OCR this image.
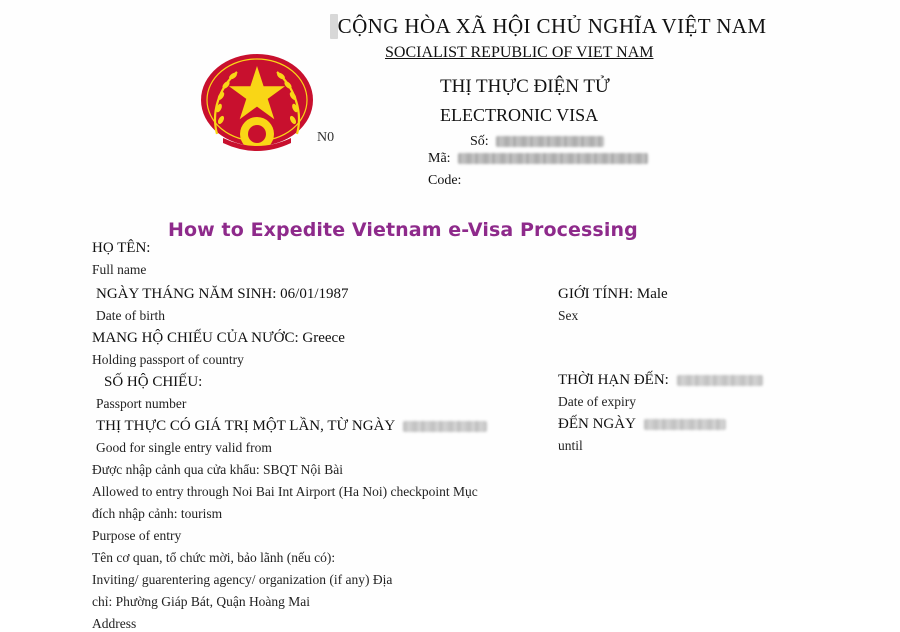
N0
CỘNG HÒA XÃ HỘI CHỦ NGHĨA VIỆT NAM
SOCIALIST REPUBLIC OF VIET NAM
THỊ THỰC ĐIỆN TỬ
ELECTRONIC VISA
Số:
Mã:
Code:
How to Expedite Vietnam e-Visa Processing
HỌ TÊN:
Full name
NGÀY THÁNG NĂM SINH: 06/01/1987
Date of birth
GIỚI TÍNH: Male
Sex
MANG HỘ CHIẾU CỦA NƯỚC: Greece
Holding passport of country
SỐ HỘ CHIẾU:
Passport number
THỜI HẠN ĐẾN:
Date of expiry
THỊ THỰC CÓ GIÁ TRỊ MỘT LẦN, TỪ NGÀY
Good for single entry valid from
ĐẾN NGÀY
until
Được nhập cảnh qua cửa khẩu: SBQT Nội Bài
Allowed to entry through Noi Bai Int Airport (Ha Noi) checkpoint Mục
đích nhập cảnh: tourism
Purpose of entry
Tên cơ quan, tổ chức mời, bảo lãnh (nếu có):
Inviting/ guarentering agency/ organization (if any) Địa
chỉ: Phường Giáp Bát, Quận Hoàng Mai
Address
